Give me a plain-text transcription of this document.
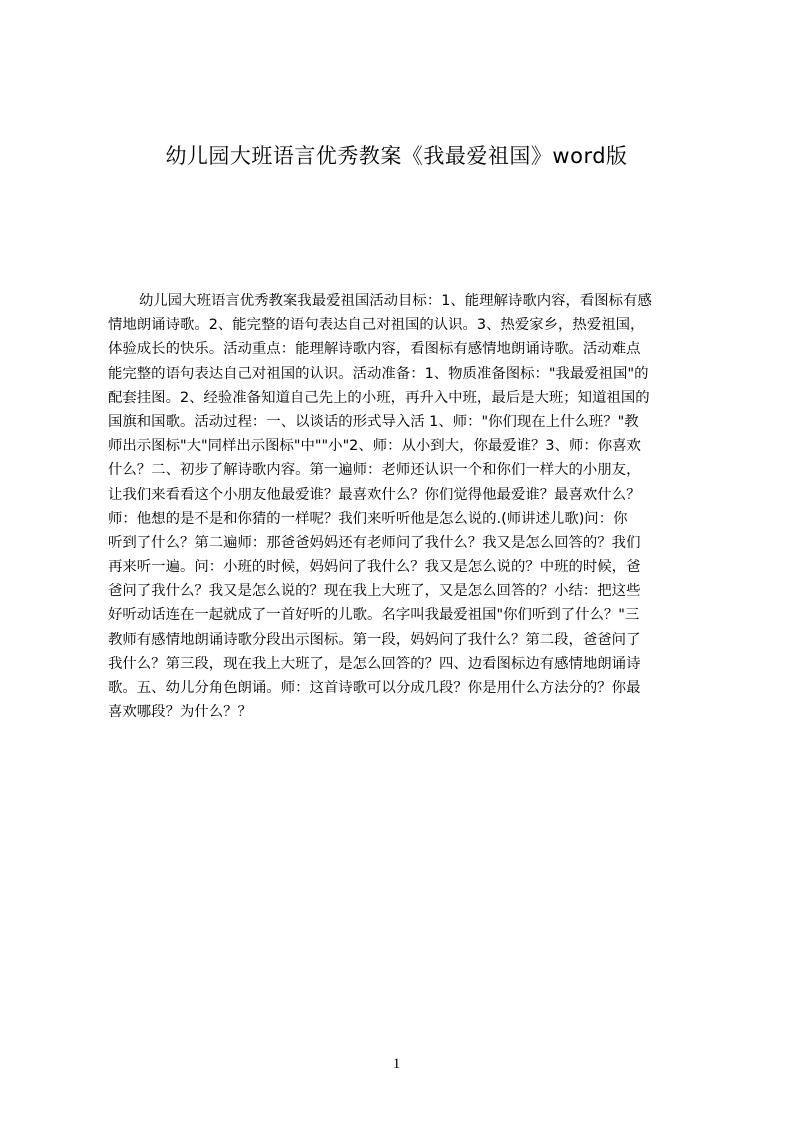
幼儿园大班语言优秀教案《我最爱祖国》word版
幼儿园大班语言优秀教案我最爱祖国活动目标：1、能理解诗歌内容，看图标有感
情地朗诵诗歌。2、能完整的语句表达自己对祖国的认识。3、热爱家乡，热爱祖国，
体验成长的快乐。活动重点：能理解诗歌内容，看图标有感情地朗诵诗歌。活动难点
能完整的语句表达自己对祖国的认识。活动准备：1、物质准备图标："我最爱祖国"的
配套挂图。2、经验准备知道自己先上的小班，再升入中班，最后是大班；知道祖国的
国旗和国歌。活动过程：一、以谈话的形式导入活 1、师："你们现在上什么班？"教
师出示图标"大"同样出示图标"中""小"2、师：从小到大，你最爱谁？3、师：你喜欢
什么？二、初步了解诗歌内容。第一遍师：老师还认识一个和你们一样大的小朋友，
让我们来看看这个小朋友他最爱谁？最喜欢什么？你们觉得他最爱谁？最喜欢什么？
师：他想的是不是和你猜的一样呢？我们来听听他是怎么说的.(师讲述儿歌)问：你
听到了什么？第二遍师：那爸爸妈妈还有老师问了我什么？我又是怎么回答的？我们
再来听一遍。问：小班的时候，妈妈问了我什么？我又是怎么说的？中班的时候，爸
爸问了我什么？我又是怎么说的？现在我上大班了，又是怎么回答的？小结：把这些
好听动话连在一起就成了一首好听的儿歌。名字叫我最爱祖国"你们听到了什么？"三
教师有感情地朗诵诗歌分段出示图标。第一段，妈妈问了我什么？第二段，爸爸问了
我什么？第三段，现在我上大班了，是怎么回答的？四、边看图标边有感情地朗诵诗
歌。五、幼儿分角色朗诵。师：这首诗歌可以分成几段？你是用什么方法分的？你最
喜欢哪段？为什么？？
1
